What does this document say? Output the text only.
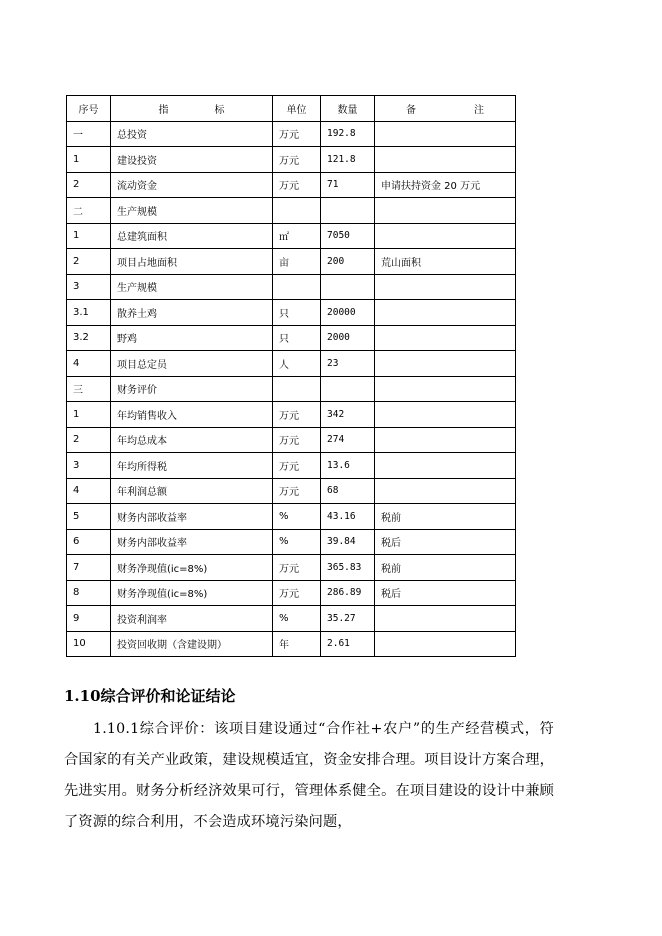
序号	指　标	单位	数量	备　注
一	总投资	万元	192.8	
1	建设投资	万元	121.8	
2	流动资金	万元	71	申请扶持资金 20 万元
二	生产规模			
1	总建筑面积	㎡	7050	
2	项目占地面积	亩	200	荒山面积
3	生产规模			
3.1	散养土鸡	只	20000	
3.2	野鸡	只	2000	
4	项目总定员	人	23	
三	财务评价			
1	年均销售收入	万元	342	
2	年均总成本	万元	274	
3	年均所得税	万元	13.6	
4	年利润总额	万元	68	
5	财务内部收益率	%	43.16	税前
6	财务内部收益率	%	39.84	税后
7	财务净现值(ic=8%)	万元	365.83	税前
8	财务净现值(ic=8%)	万元	286.89	税后
9	投资利润率	%	35.27	
10	投资回收期（含建设期）	年	2.61	
1.10综合评价和论证结论

1.10.1综合评价：该项目建设通过“合作社+农户”的生产经营模式，符合国家的有关产业政策，建设规模适宜，资金安排合理。项目设计方案合理，先进实用。财务分析经济效果可行，管理体系健全。在项目建设的设计中兼顾了资源的综合利用，不会造成环境污染问题，
